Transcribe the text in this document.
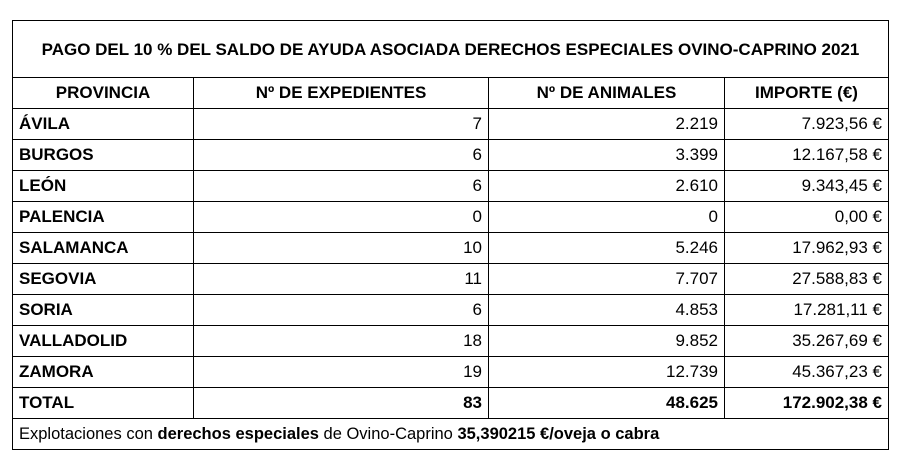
PAGO DEL 10 % DEL SALDO DE AYUDA ASOCIADA DERECHOS ESPECIALES OVINO-CAPRINO 2021			
PROVINCIA	Nº DE EXPEDIENTES	Nº DE ANIMALES	IMPORTE (€)
ÁVILA	7	2.219	7.923,56 €
BURGOS	6	3.399	12.167,58 €
LEÓN	6	2.610	9.343,45 €
PALENCIA	0	0	0,00 €
SALAMANCA	10	5.246	17.962,93 €
SEGOVIA	11	7.707	27.588,83 €
SORIA	6	4.853	17.281,11 €
VALLADOLID	18	9.852	35.267,69 €
ZAMORA	19	12.739	45.367,23 €
TOTAL	83	48.625	172.902,38 €
Explotaciones con derechos especiales de Ovino-Caprino 35,390215 €/oveja o cabra			
